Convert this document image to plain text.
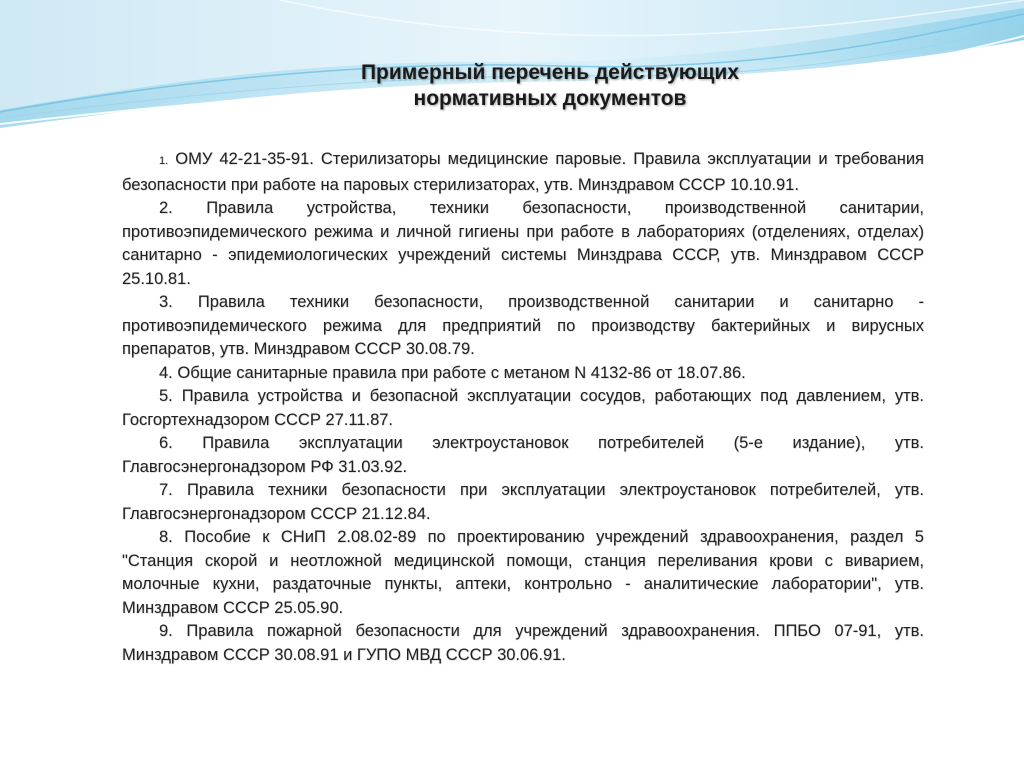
Примерный перечень действующих
нормативных документов
1. ОМУ 42-21-35-91. Стерилизаторы медицинские паровые. Правила эксплуатации и требования безопасности при работе на паровых стерилизаторах, утв. Минздравом СССР 10.10.91.
2. Правила устройства, техники безопасности, производственной санитарии, противоэпидемического режима и личной гигиены при работе в лабораториях (отделениях, отделах) санитарно - эпидемиологических учреждений системы Минздрава СССР, утв. Минздравом СССР 25.10.81.
3. Правила техники безопасности, производственной санитарии и санитарно - противоэпидемического режима для предприятий по производству бактерийных и вирусных препаратов, утв. Минздравом СССР 30.08.79.
4. Общие санитарные правила при работе с метаном N 4132-86 от 18.07.86.
5. Правила устройства и безопасной эксплуатации сосудов, работающих под давлением, утв. Госгортехнадзором СССР 27.11.87.
6. Правила эксплуатации электроустановок потребителей (5-е издание), утв. Главгосэнергонадзором РФ 31.03.92.
7. Правила техники безопасности при эксплуатации электроустановок потребителей, утв. Главгосэнергонадзором СССР 21.12.84.
8. Пособие к СНиП 2.08.02-89 по проектированию учреждений здравоохранения, раздел 5 "Станция скорой и неотложной медицинской помощи, станция переливания крови с виварием, молочные кухни, раздаточные пункты, аптеки, контрольно - аналитические лаборатории", утв. Минздравом СССР 25.05.90.
9. Правила пожарной безопасности для учреждений здравоохранения. ППБО 07-91, утв. Минздравом СССР 30.08.91 и ГУПО МВД СССР 30.06.91.
